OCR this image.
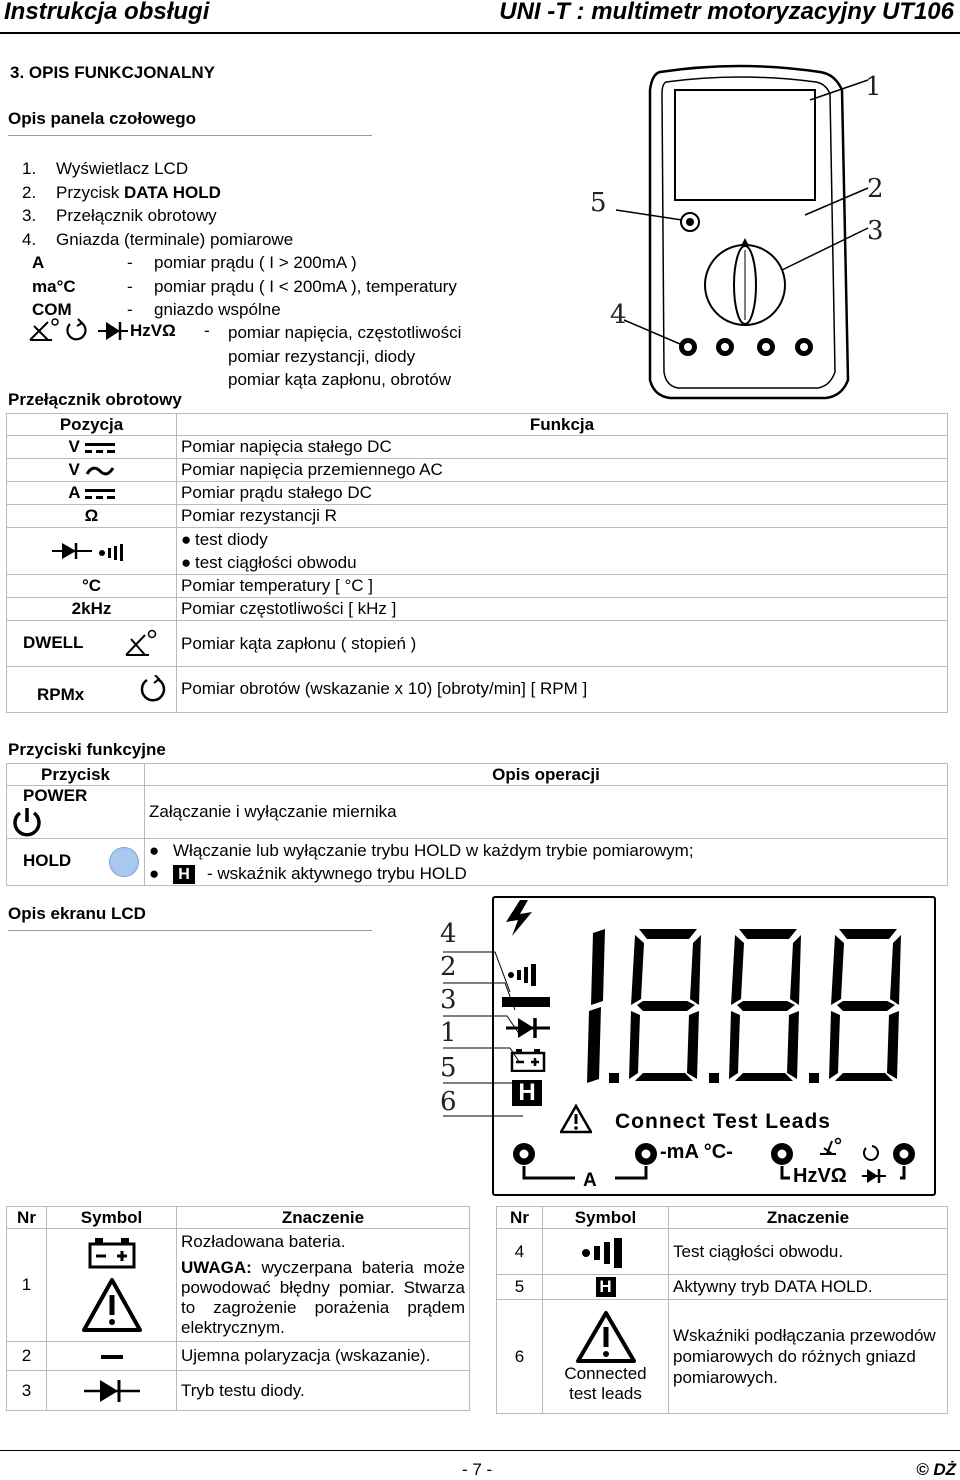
Instrukcja obsługi	UNI -T : multimetr motoryzacyjny UT106
3. OPIS FUNKCJONALNY
Opis panela czołowego
1. Wyświetlacz LCD
2. Przycisk DATA HOLD
3. Przełącznik obrotowy
4. Gniazda (terminale) pomiarowe
A	- pomiar prądu ( I > 200mA )
ma°C	- pomiar prądu ( I < 200mA ), temperatury
COM	- gniazdo wspólne
HzVΩ - pomiar napięcia, częstotliwości
pomiar rezystancji, diody
pomiar kąta zapłonu, obrotów
1
2
3
4
5
Przełącznik obrotowy
Pozycja	Funkcja
V	Pomiar napięcia stałego DC
V	Pomiar napięcia przemiennego AC
A	Pomiar prądu stałego DC
Ω	Pomiar rezystancji R

● test diody
● test ciągłości obwodu

°C	Pomiar temperatury [ °C ]
2kHz	Pomiar częstotliwości [ kHz ]
DWELL	Pomiar kąta zapłonu ( stopień )
RPMx	Pomiar obrotów (wskazanie x 10) [obroty/min] [ RPM ]
Przyciski funkcyjne
Przycisk	Opis operacji
POWER	Załączanie i wyłączanie miernika
HOLD	● Włączanie lub wyłączanie trybu HOLD w każdym trybie pomiarowym;
● H - wskaźnik aktywnego trybu HOLD
Opis ekranu LCD
4
2
3
1
5
6	H
Connect Test Leads
A
-mA °C-
HzVΩ
Nr	Symbol	Znaczenie
1		Rozładowana bateria.
UWAGA: wyczerpana bateria może powodować błędny pomiar. Stwarza to zagrożenie porażenia prądem elektrycznym.

2		Ujemna polaryzacja (wskazanie).
3		Tryb testu diody.
Nr	Symbol	Znaczenie
4		Test ciągłości obwodu.
5	H	Aktywny tryb DATA HOLD.
6	Connected
test leads	Wskaźniki podłączania przewodów pomiarowych do różnych gniazd pomiarowych.
- 7 -	© DŻ
